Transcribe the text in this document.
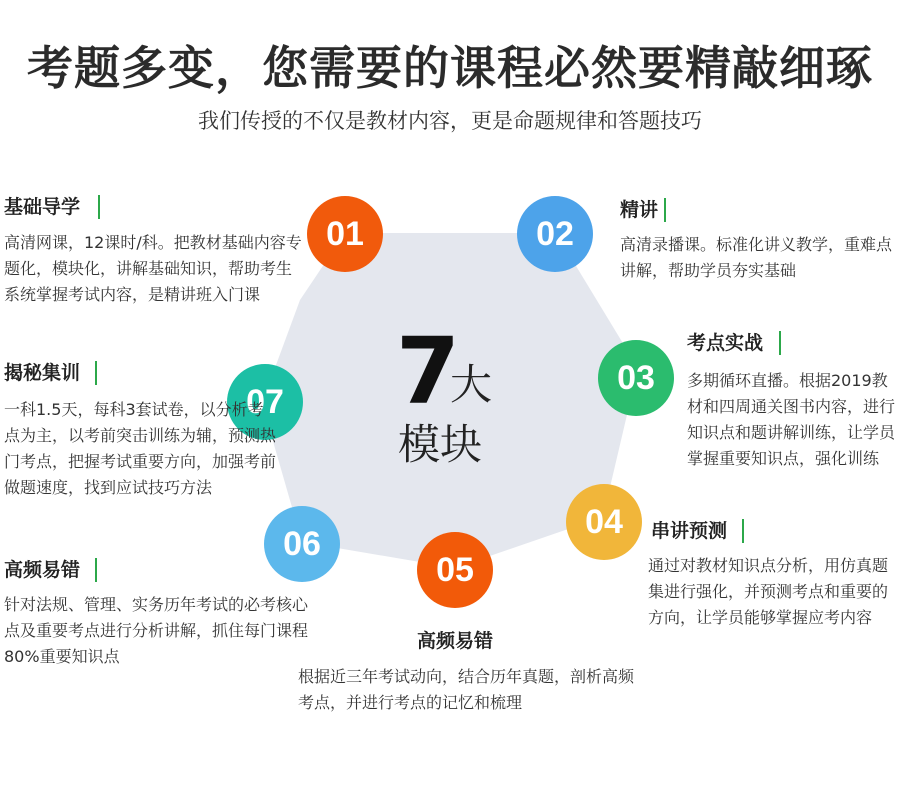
考题多变，您需要的课程必然要精敲细琢
我们传授的不仅是教材内容，更是命题规律和答题技巧
7
大
模块
01	02
03
04
05
06
07
基础导学
高清网课，12课时/科。把教材基础内容专题化，模块化，讲解基础知识，帮助考生系统掌握考试内容，是精讲班入门课
精讲
高清录播课。标准化讲义教学，重难点讲解，帮助学员夯实基础
考点实战
多期循环直播。根据2019教材和四周通关图书内容，进行知识点和题讲解训练，让学员掌握重要知识点，强化训练
串讲预测
通过对教材知识点分析，用仿真题集进行强化，并预测考点和重要的方向，让学员能够掌握应考内容
高频易错
根据近三年考试动向，结合历年真题，剖析高频考点，并进行考点的记忆和梳理
高频易错
针对法规、管理、实务历年考试的必考核心点及重要考点进行分析讲解，抓住每门课程80%重要知识点
揭秘集训
一科1.5天，每科3套试卷，以分析考点为主，以考前突击训练为辅，预测热门考点，把握考试重要方向，加强考前做题速度，找到应试技巧方法
